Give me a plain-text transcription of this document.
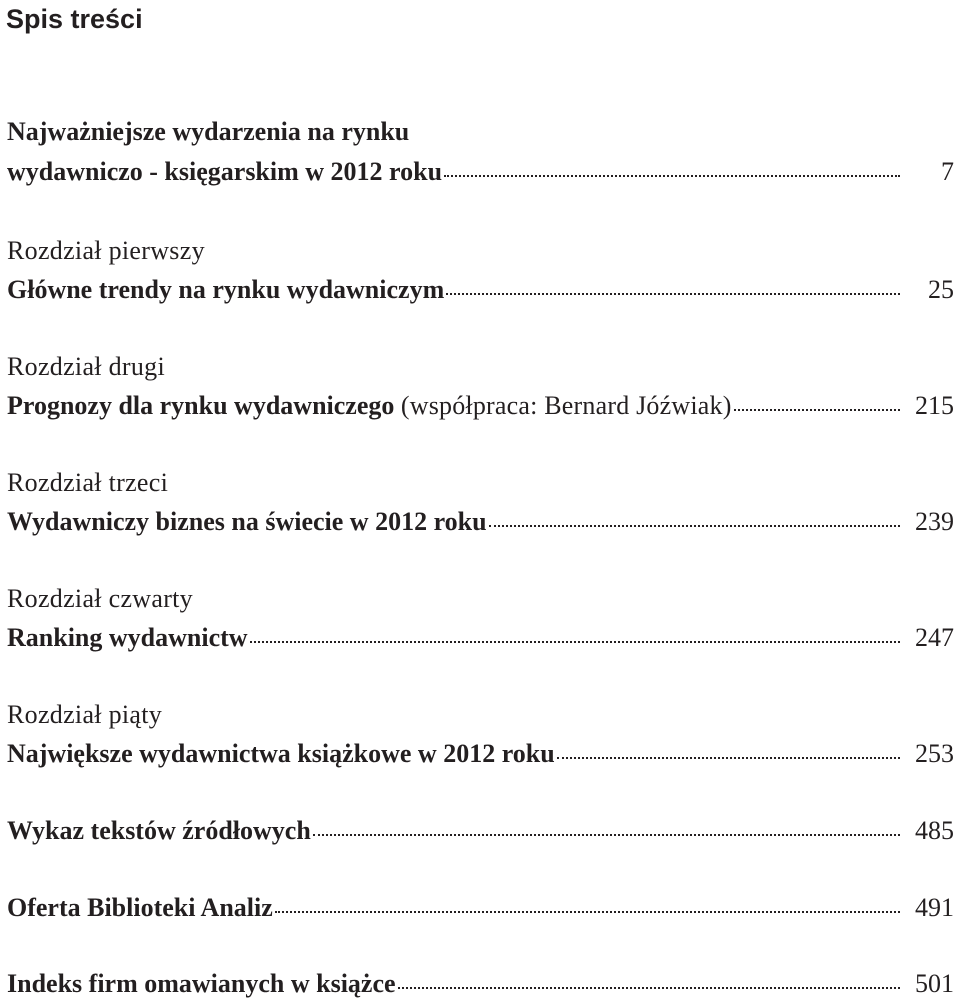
Spis treści
Najważniejsze wydarzenia na rynku
wydawniczo - księgarskim w 2012 roku	7
Rozdział pierwszy
Główne trendy na rynku wydawniczym	25
Rozdział drugi
Prognozy dla rynku wydawniczego (współpraca: Bernard Jóźwiak)	215
Rozdział trzeci
Wydawniczy biznes na świecie w 2012 roku	239
Rozdział czwarty
Ranking wydawnictw	247
Rozdział piąty
Największe wydawnictwa książkowe w 2012 roku	253
Wykaz tekstów źródłowych	485
Oferta Biblioteki Analiz	491
Indeks firm omawianych w książce	501
